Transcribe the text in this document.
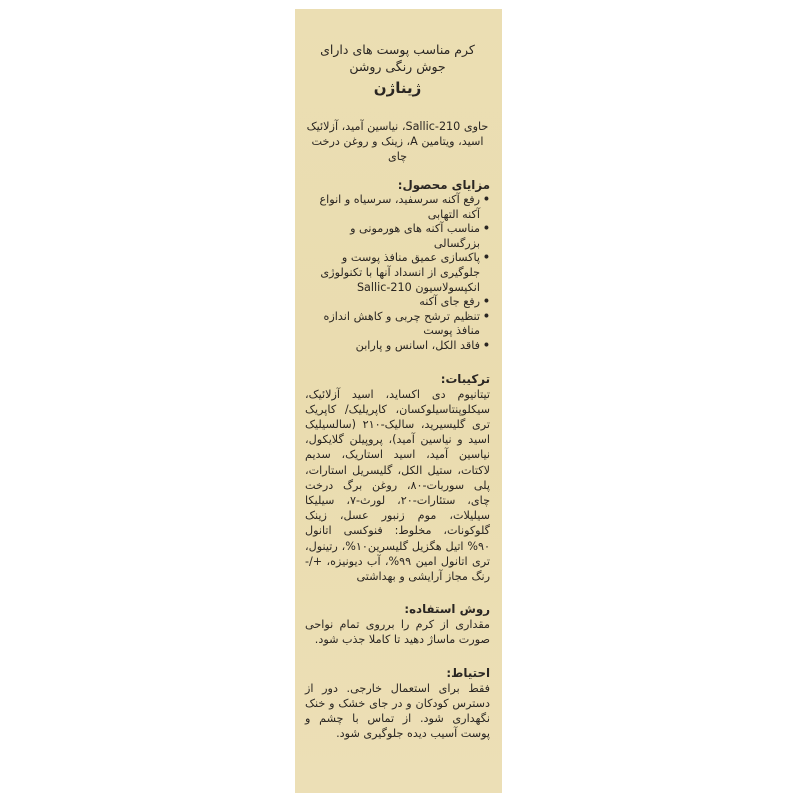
کرم مناسب پوست های دارای جوش رنگی روشن

ژیناژن

حاوی Sallic-210، نیاسین آمید، آزلائیک اسید، ویتامین A، زینک و روغن درخت چای

مزایای محصول:

• رفع آکنه سرسفید، سرسیاه و انواع آکنه التهابی
• مناسب آکنه های هورمونی و بزرگسالی
• پاکسازی عمیق منافذ پوست و جلوگیری از انسداد آنها با تکنولوژی انکپسولاسیون Sallic-210
• رفع جای آکنه
• تنظیم ترشح چربی و کاهش اندازه منافذ پوست
• فاقد الکل، اسانس و پارابن

ترکیبات:

تیتانیوم دی اکساید، اسید آزلائیک، سیکلوپنتاسیلوکسان، کاپریلیک/ کاپریک تری گلیسیرید، سالیک-۲۱۰ (سالسیلیک اسید و نیاسین آمید)، پروپیلن گلایکول، نیاسین آمید، اسید استاریک، سدیم لاکتات، ستیل الکل، گلیسریل استارات، پلی سوربات-۸۰، روغن برگ درخت چای، ستئارات-۲۰، لورث-۷، سیلیکا سیلیلات، موم زنبور عسل، زینک گلوکونات، مخلوط: فنوکسی اتانول ۹۰% اتیل هگزیل گلیسرین۱۰%، رتینول، تری اتانول امین ۹۹%، آب دیونیزه، +/- رنگ مجاز آرایشی و بهداشتی

روش استفاده:

مقداری از کرم را برروی تمام نواحی صورت ماساژ دهید تا کاملا جذب شود.

احتیاط:

فقط برای استعمال خارجی. دور از دسترس کودکان و در جای خشک و خنک نگهداری شود. از تماس با چشم و پوست آسیب دیده جلوگیری شود.
